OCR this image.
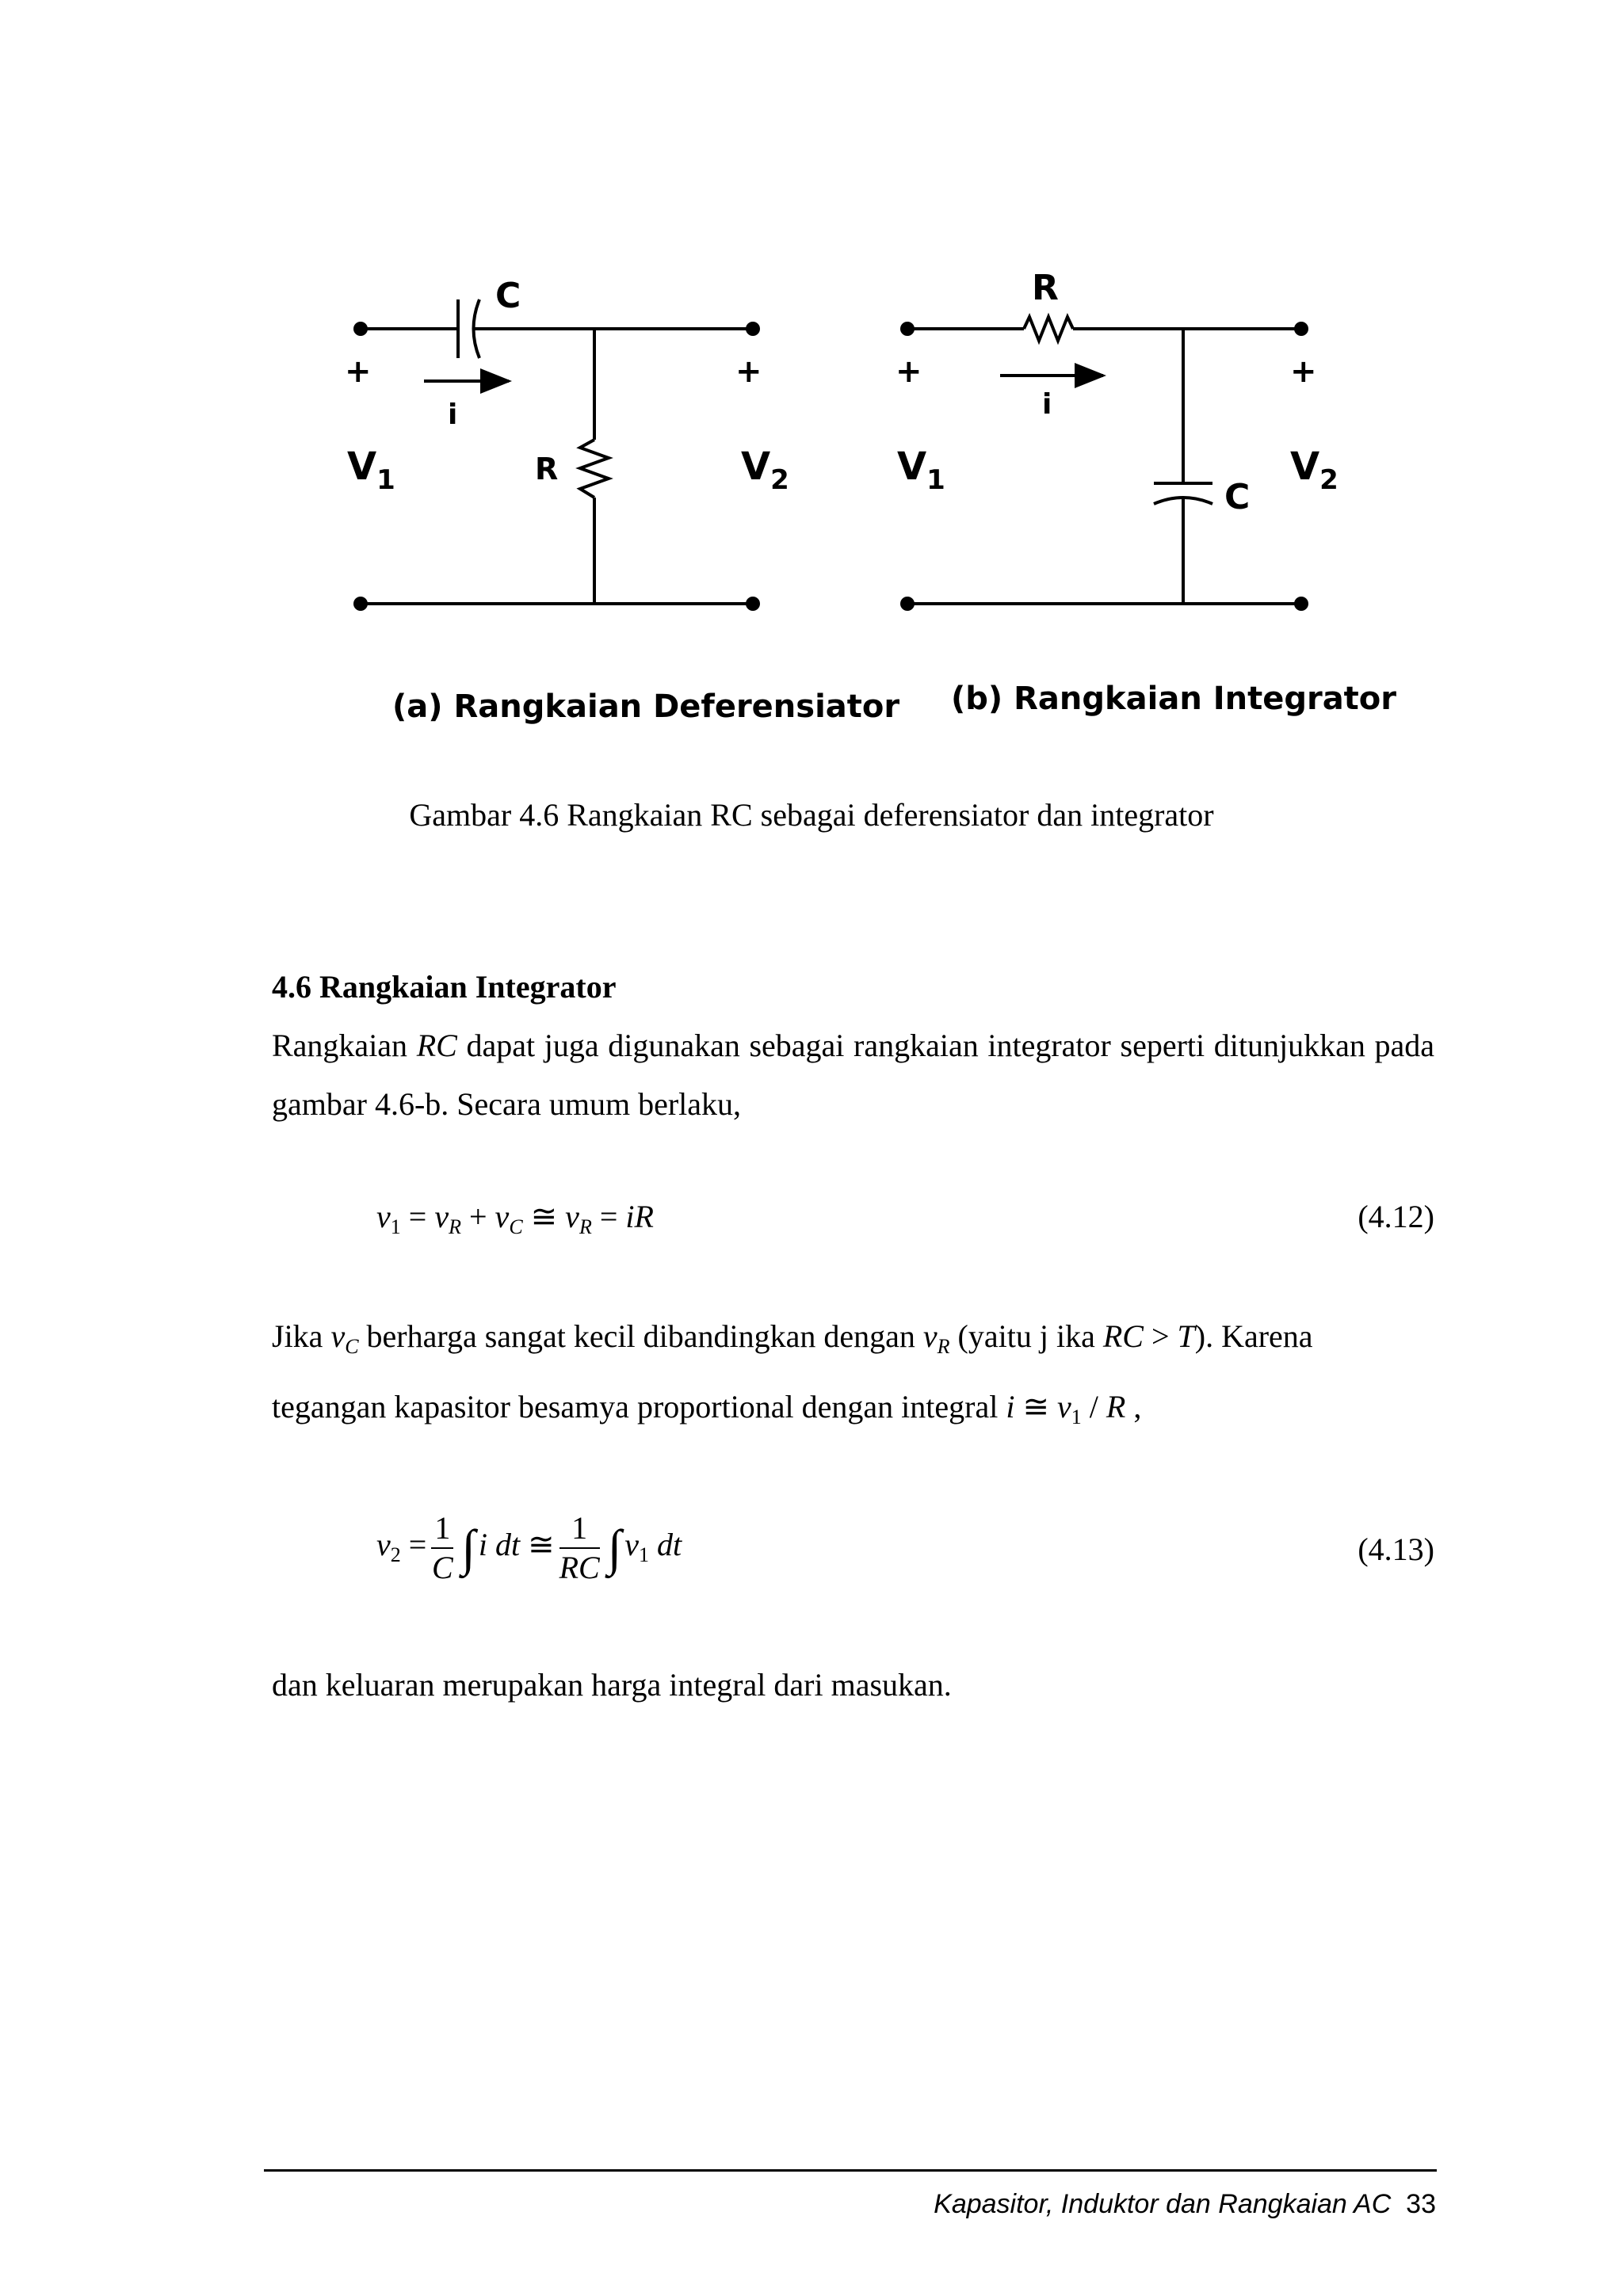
C
R
i
+	+
$V_1$	$V_2$
(a) Rangkaian Deferensiator
R
C
i
+	+
$V_1$	$V_2$
(b) Rangkaian Integrator
Gambar 4.6 Rangkaian RC sebagai deferensiator dan integrator
4.6 Rangkaian Integrator
Rangkaian RC dapat juga digunakan sebagai rangkaian integrator seperti ditunjukkan pada gambar 4.6-b. Secara umum berlaku,
$v_1 = v_R + v_C$ ≅ $v_R$ = iR	(4.12)
Jika $v_C$ berharga sangat kecil dibandingkan dengan $v_R$ (yaitu j ika RC > T). Karena
tegangan kapasitor besamya proportional dengan integral i ≅ $v_1$ / R ,
$v_2 = \frac{1}{C}$ ∫ i dt ≅ $\frac{1}{RC}$ ∫ $v_1$ dt	(4.13)
dan keluaran merupakan harga integral dari masukan.
Kapasitor, Induktor dan Rangkaian AC 33
